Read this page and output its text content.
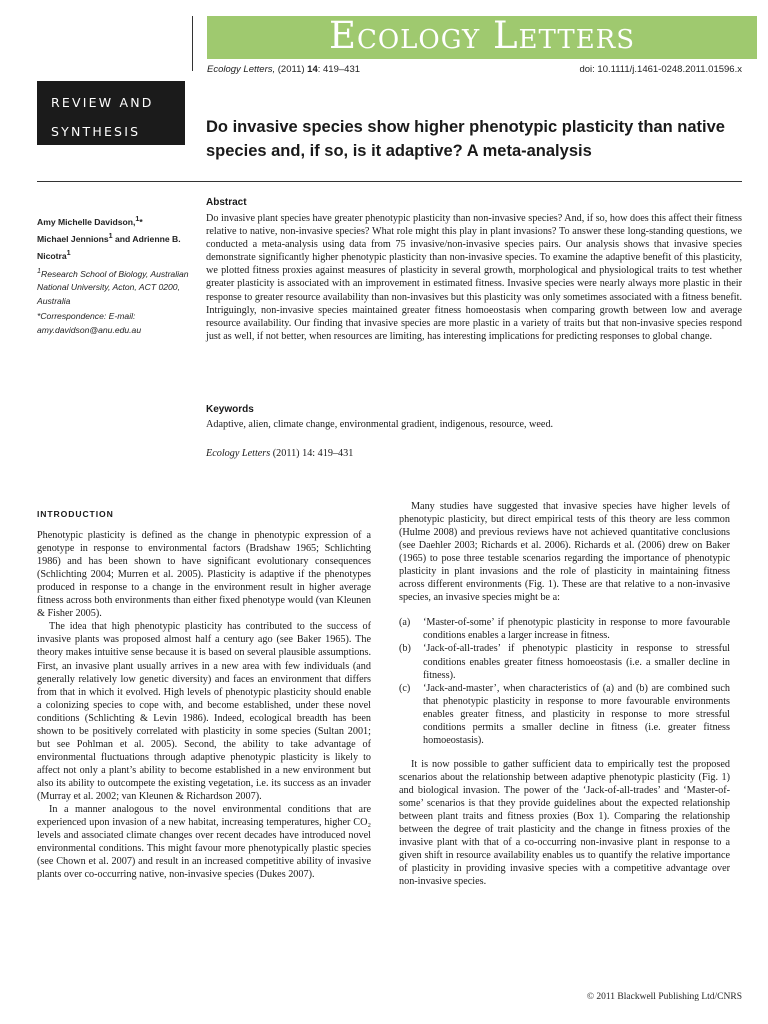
Ecology Letters
Ecology Letters, (2011) 14: 419–431	doi: 10.1111/j.1461-0248.2011.01596.x
REVIEW AND
SYNTHESIS	Do invasive species show higher phenotypic plasticity than native species and, if so, is it adaptive? A meta-analysis
Amy Michelle Davidson,$^1$*
Michael Jennions$^1$ and Adrienne B. Nicotra$^1$
$^1$Research School of Biology, Australian National University, Acton, ACT 0200, Australia
*Correspondence: E-mail: amy.davidson@anu.edu.au
Abstract

Do invasive plant species have greater phenotypic plasticity than non-invasive species? And, if so, how does this affect their fitness relative to native, non-invasive species? What role might this play in plant invasions? To answer these long-standing questions, we conducted a meta-analysis using data from 75 invasive/non-invasive species pairs. Our analysis shows that invasive species demonstrate significantly higher phenotypic plasticity than non-invasive species. To examine the adaptive benefit of this plasticity, we plotted fitness proxies against measures of plasticity in several growth, morphological and physiological traits to test whether greater plasticity is associated with an improvement in estimated fitness. Invasive species were nearly always more plastic in their response to greater resource availability than non-invasives but this plasticity was only sometimes associated with a fitness benefit. Intriguingly, non-invasive species maintained greater fitness homoeostasis when comparing growth between low and average resource availability. Our finding that invasive species are more plastic in a variety of traits but that non-invasive species respond just as well, if not better, when resources are limiting, has interesting implications for predicting responses to global change.

Keywords

Adaptive, alien, climate change, environmental gradient, indigenous, resource, weed.

Ecology Letters (2011) 14: 419–431
INTRODUCTION

Phenotypic plasticity is defined as the change in phenotypic expression of a genotype in response to environmental factors (Bradshaw 1965; Schlichting 1986) and has been shown to have significant evolutionary consequences (Schlichting 2004; Murren et al. 2005). Plasticity is adaptive if the phenotypes produced in response to a change in the environment result in higher average fitness across both environments than either fixed phenotype would (van Kleunen & Fisher 2005).

The idea that high phenotypic plasticity has contributed to the success of invasive plants was proposed almost half a century ago (see Baker 1965). The theory makes intuitive sense because it is based on several plausible assumptions. First, an invasive plant usually arrives in a new area with few individuals (and generally relatively low genetic diversity) and faces an environment that differs from that in which it evolved. High levels of phenotypic plasticity should enable a colonizing species to cope with, and become established, under these novel conditions (Schlichting & Levin 1986). Indeed, ecological breadth has been shown to be positively correlated with plasticity in some species (Sultan 2001; but see Pohlman et al. 2005). Second, the ability to take advantage of environmental fluctuations through adaptive phenotypic plasticity is likely to affect not only a plant’s ability to become established in a new environment but also its ability to outcompete the existing vegetation, i.e. its success as an invader (Murray et al. 2002; van Kleunen & Richardson 2007).

In a manner analogous to the novel environmental conditions that are experienced upon invasion of a new habitat, increasing temperatures, higher CO₂ levels and associated climate changes over recent decades have introduced novel environmental conditions. This might favour more phenotypically plastic species (see Chown et al. 2007) and result in an increased competitive ability of invasive plants over co-occurring native, non-invasive species (Dukes 2007).

Many studies have suggested that invasive species have higher levels of phenotypic plasticity, but direct empirical tests of this theory are less common (Hulme 2008) and previous reviews have not achieved quantitative conclusions (see Daehler 2003; Richards et al. 2006). Richards et al. (2006) drew on Baker (1965) to pose three testable scenarios regarding the importance of phenotypic plasticity in plant invasions and the role of plasticity in maintaining fitness across different environments (Fig. 1). These are that relative to a non-invasive species, an invasive species might be a:

(a)	‘Master-of-some’ if phenotypic plasticity in response to more favourable conditions enables a larger increase in fitness.
(b)	‘Jack-of-all-trades’ if phenotypic plasticity in response to stressful conditions enables greater fitness homoeostasis (i.e. a smaller decline in fitness).
(c)	‘Jack-and-master’, when characteristics of (a) and (b) are combined such that phenotypic plasticity in response to more favourable environments enables greater fitness, and plasticity in response to more stressful conditions permits a smaller decline in fitness (i.e. greater fitness homoeostasis).

It is now possible to gather sufficient data to empirically test the proposed scenarios about the relationship between adaptive phenotypic plasticity (Fig. 1) and biological invasion. The power of the ‘Jack-of-all-trades’ and ‘Master-of-some’ scenarios is that they provide guidelines about the expected relationship between plant traits and fitness proxies (Box 1). Comparing the relationship between the degree of trait plasticity and the change in fitness proxies of the invasive plant with that of a co-occurring non-invasive plant in response to a given shift in resource availability enables us to quantify the relative importance of plasticity in providing invasive species with a competitive advantage over non-invasive species.

© 2011 Blackwell Publishing Ltd/CNRS
